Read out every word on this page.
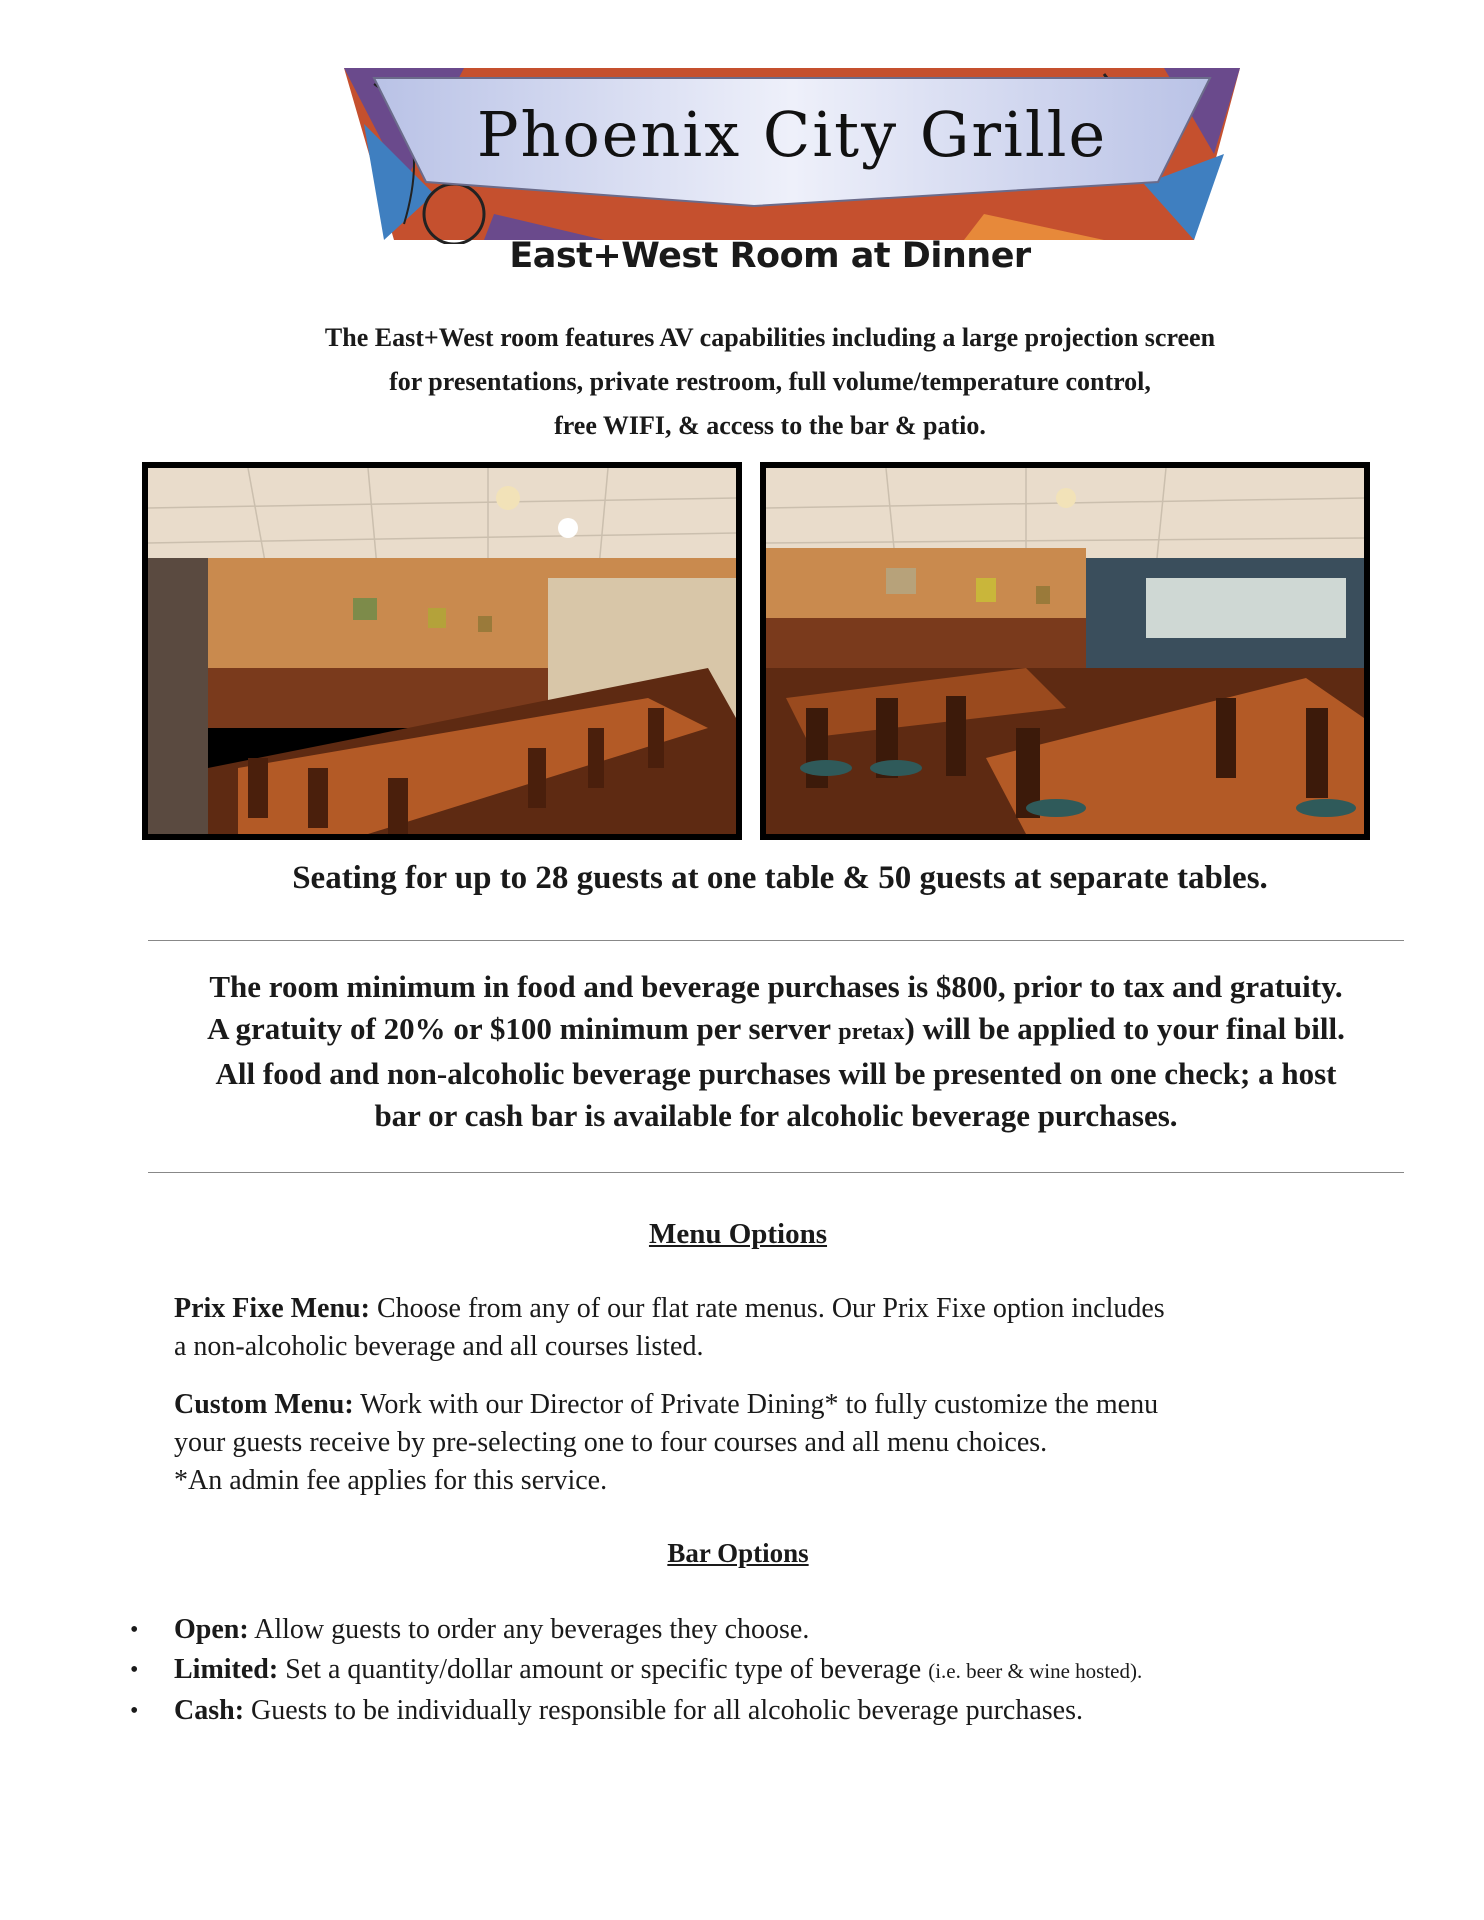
Phoenix City Grille
East+West Room at Dinner
The East+West room features AV capabilities including a large projection screen
for presentations, private restroom, full volume/temperature control,
free WIFI, & access to the bar & patio.
Seating for up to 28 guests at one table & 50 guests at separate tables.
The room minimum in food and beverage purchases is $800, prior to tax and gratuity.
A gratuity of 20% or $100 minimum per server pretax) will be applied to your final bill.
All food and non-alcoholic beverage purchases will be presented on one check; a host
bar or cash bar is available for alcoholic beverage purchases.
Menu Options
Prix Fixe Menu: Choose from any of our flat rate menus. Our Prix Fixe option includes
a non-alcoholic beverage and all courses listed.
Custom Menu: Work with our Director of Private Dining* to fully customize the menu
your guests receive by pre-selecting one to four courses and all menu choices.
*An admin fee applies for this service.
Bar Options
• Open: Allow guests to order any beverages they choose.
• Limited: Set a quantity/dollar amount or specific type of beverage (i.e. beer & wine hosted).
• Cash: Guests to be individually responsible for all alcoholic beverage purchases.
